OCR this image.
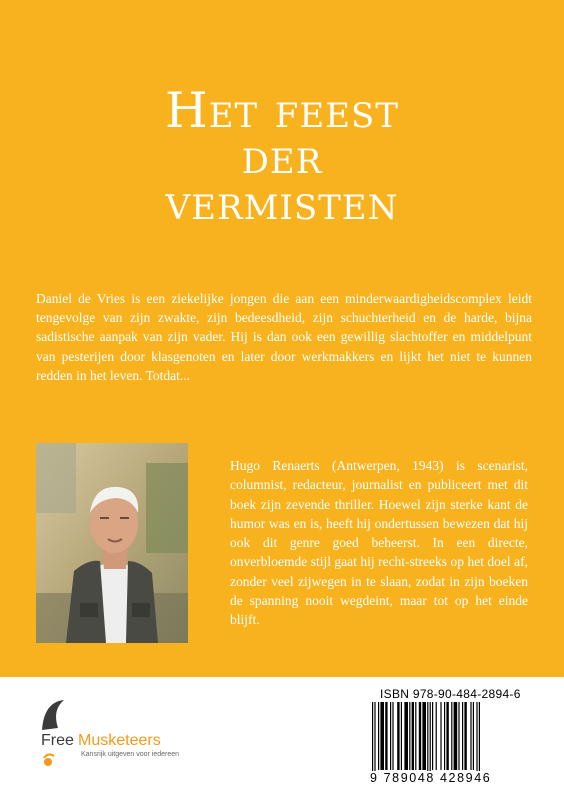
Het feest
der
vermisten

Daniel de Vries is een ziekelijke jongen die aan een minderwaardigheidscomplex leidt tengevolge van zijn zwakte, zijn bedeesdheid, zijn schuchterheid en de harde, bijna sadistische aanpak van zijn vader. Hij is dan ook een gewillig slachtoffer en middelpunt van pesterijen door klasgenoten en later door werkmakkers en lijkt het niet te kunnen redden in het leven. Totdat...

Hugo Renaerts (Antwerpen, 1943) is scenarist, columnist, redacteur, journalist en publiceert met dit boek zijn zevende thriller. Hoewel zijn sterke kant de humor was en is, heeft hij ondertussen bewezen dat hij ook dit genre goed beheerst. In een directe, onverbloemde stijl gaat hij recht-streeks op het doel af, zonder veel zijwegen in te slaan, zodat in zijn boeken de spanning nooit wegdeint, maar tot op het einde blijft.

Free Musketeers
Kansrijk uitgeven voor iedereen
ISBN 978-90-484-2894-6
9 789048 428946
